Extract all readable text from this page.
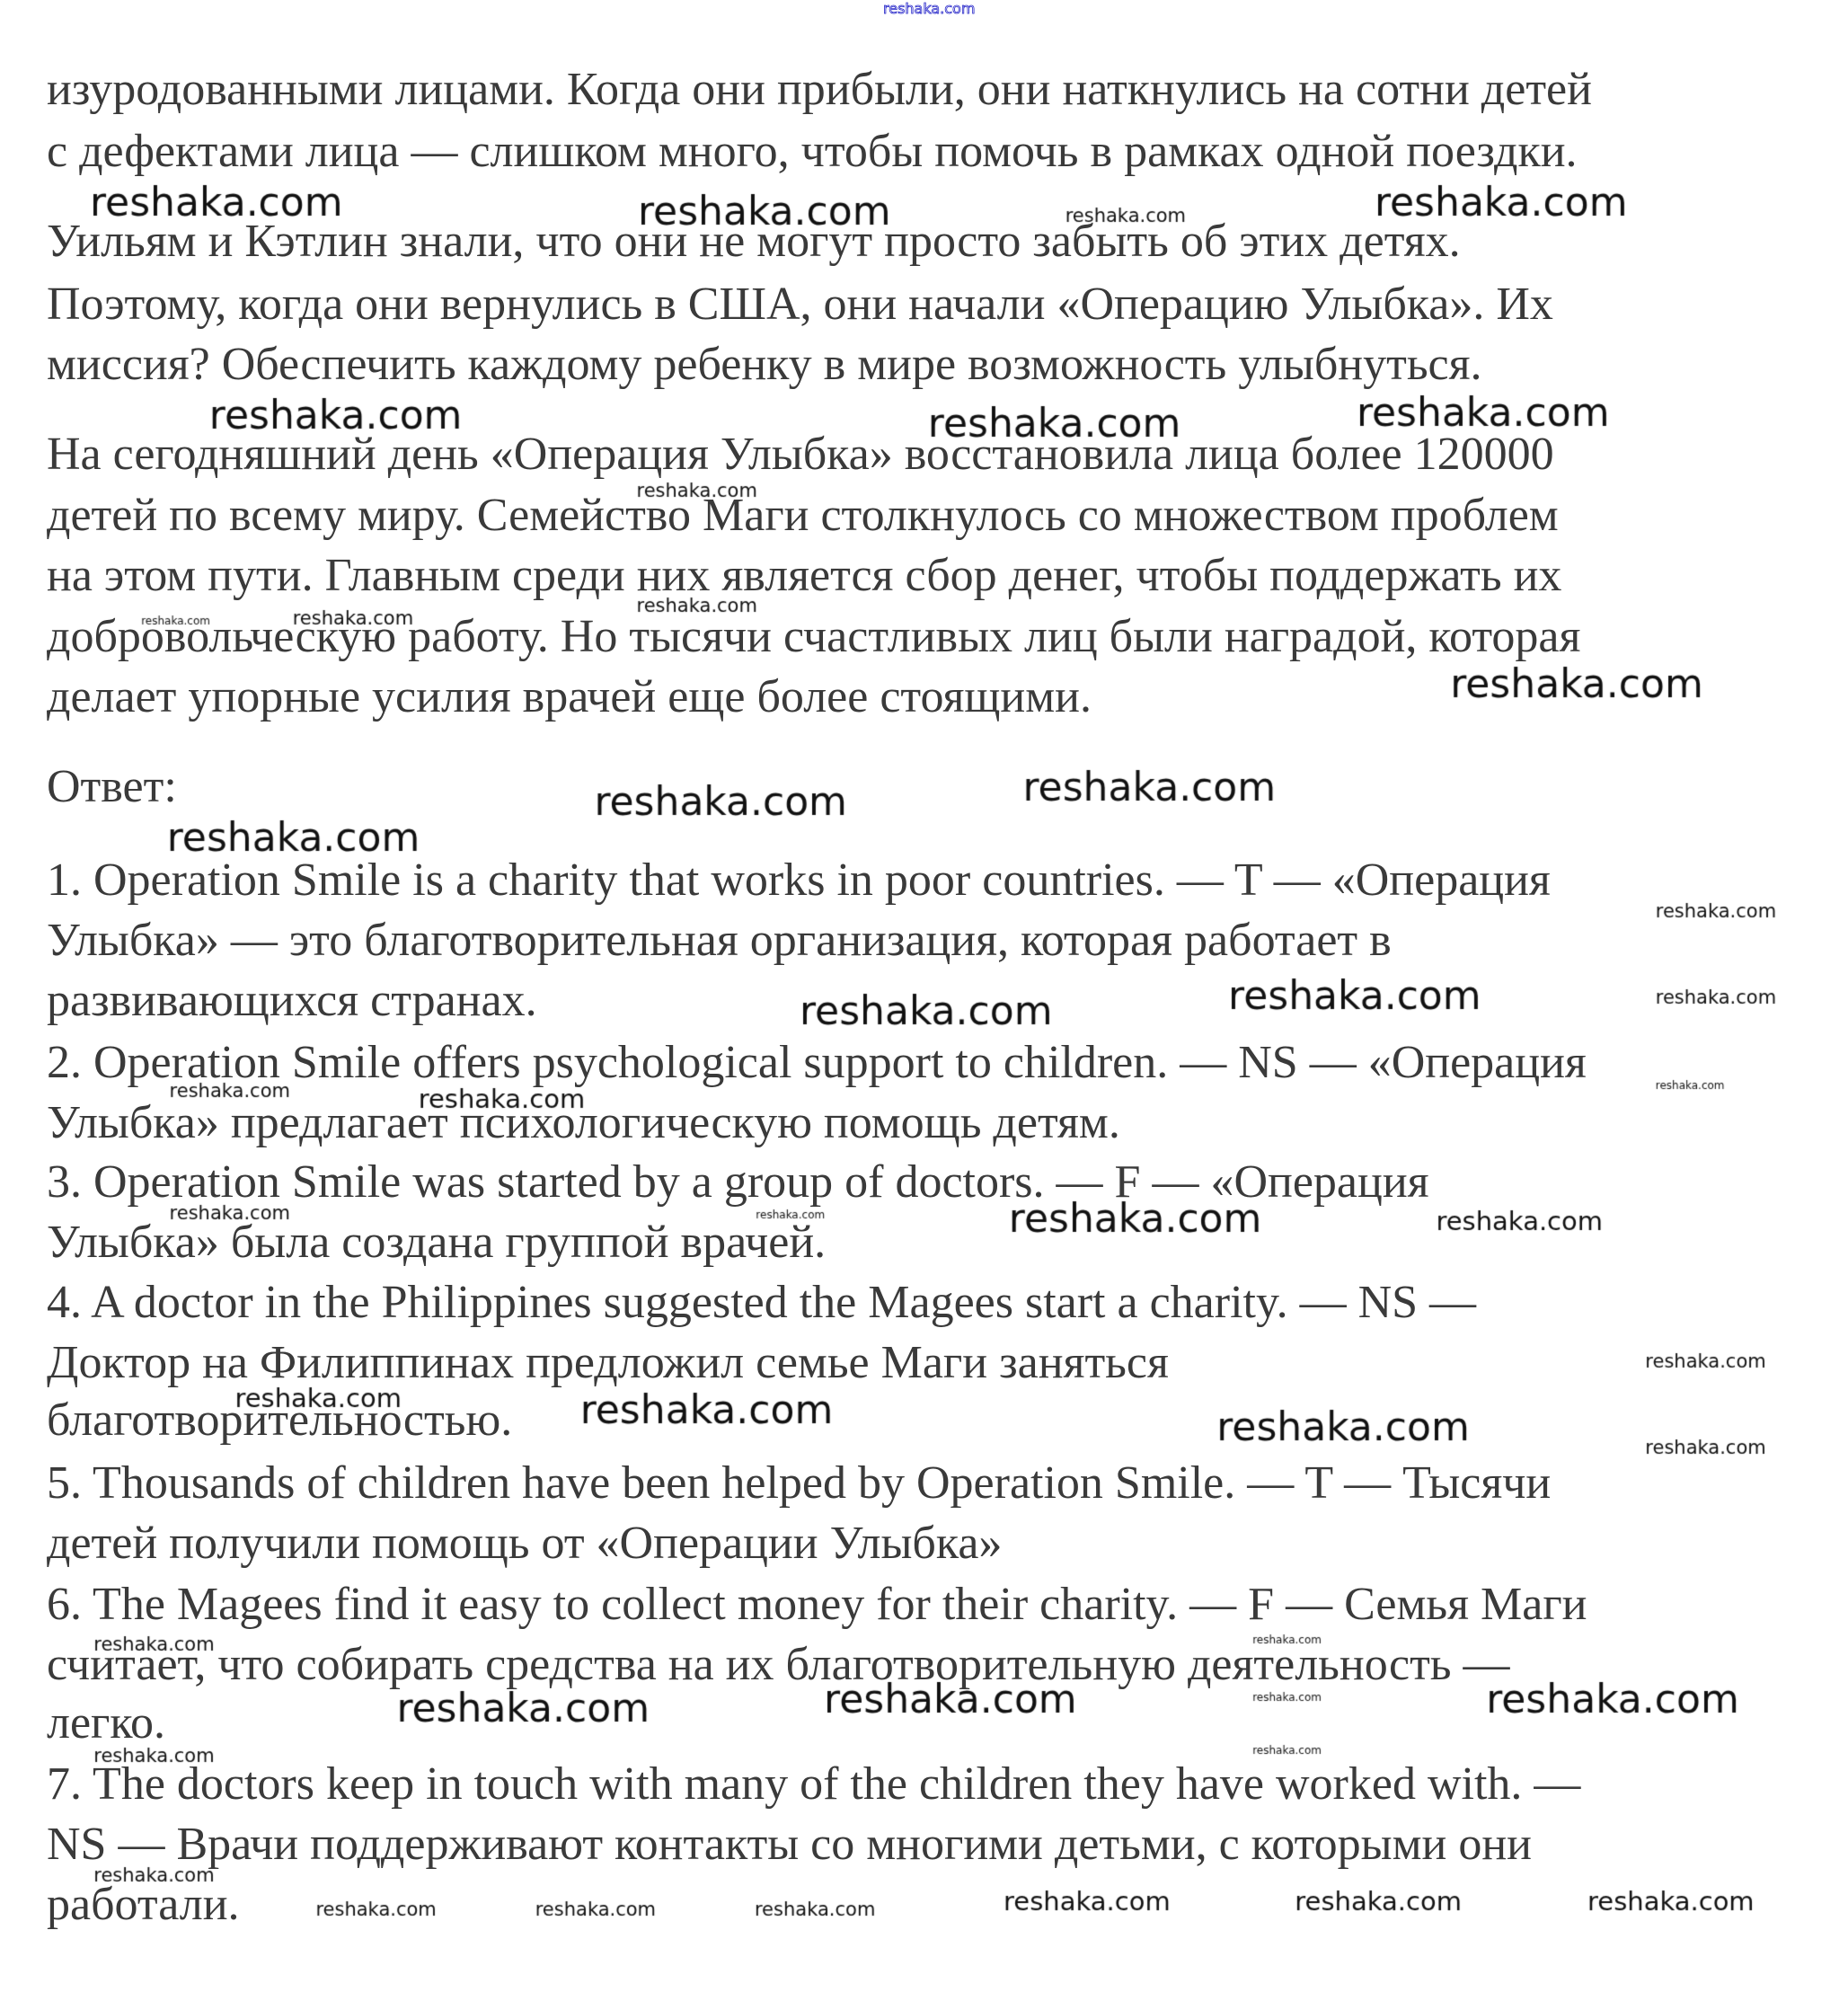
reshaka.com
изуродованными лицами. Когда они прибыли, они наткнулись на сотни детей
с дефектами лица — слишком много, чтобы помочь в рамках одной поездки.
Уильям и Кэтлин знали, что они не могут просто забыть об этих детях.
Поэтому, когда они вернулись в США, они начали «Операцию Улыбка». Их
миссия? Обеспечить каждому ребенку в мире возможность улыбнуться.
На сегодняшний день «Операция Улыбка» восстановила лица более 120000
детей по всему миру. Семейство Маги столкнулось со множеством проблем
на этом пути. Главным среди них является сбор денег, чтобы поддержать их
добровольческую работу. Но тысячи счастливых лиц были наградой, которая
делает упорные усилия врачей еще более стоящими.
Ответ:
1. Operation Smile is a charity that works in poor countries. — T — «Операция
Улыбка» — это благотворительная организация, которая работает в
развивающихся странах.
2. Operation Smile offers psychological support to children. — NS — «Операция
Улыбка» предлагает психологическую помощь детям.
3. Operation Smile was started by a group of doctors. — F — «Операция
Улыбка» была создана группой врачей.
4. A doctor in the Philippines suggested the Magees start a charity. — NS —
Доктор на Филиппинах предложил семье Маги заняться
благотворительностью.
5. Thousands of children have been helped by Operation Smile. — T — Тысячи
детей получили помощь от «Операции Улыбка»
6. The Magees find it easy to collect money for their charity. — F — Семья Маги
считает, что собирать средства на их благотворительную деятельность —
легко.
7. The doctors keep in touch with many of the children they have worked with. —
NS — Врачи поддерживают контакты со многими детьми, с которыми они
работали.
